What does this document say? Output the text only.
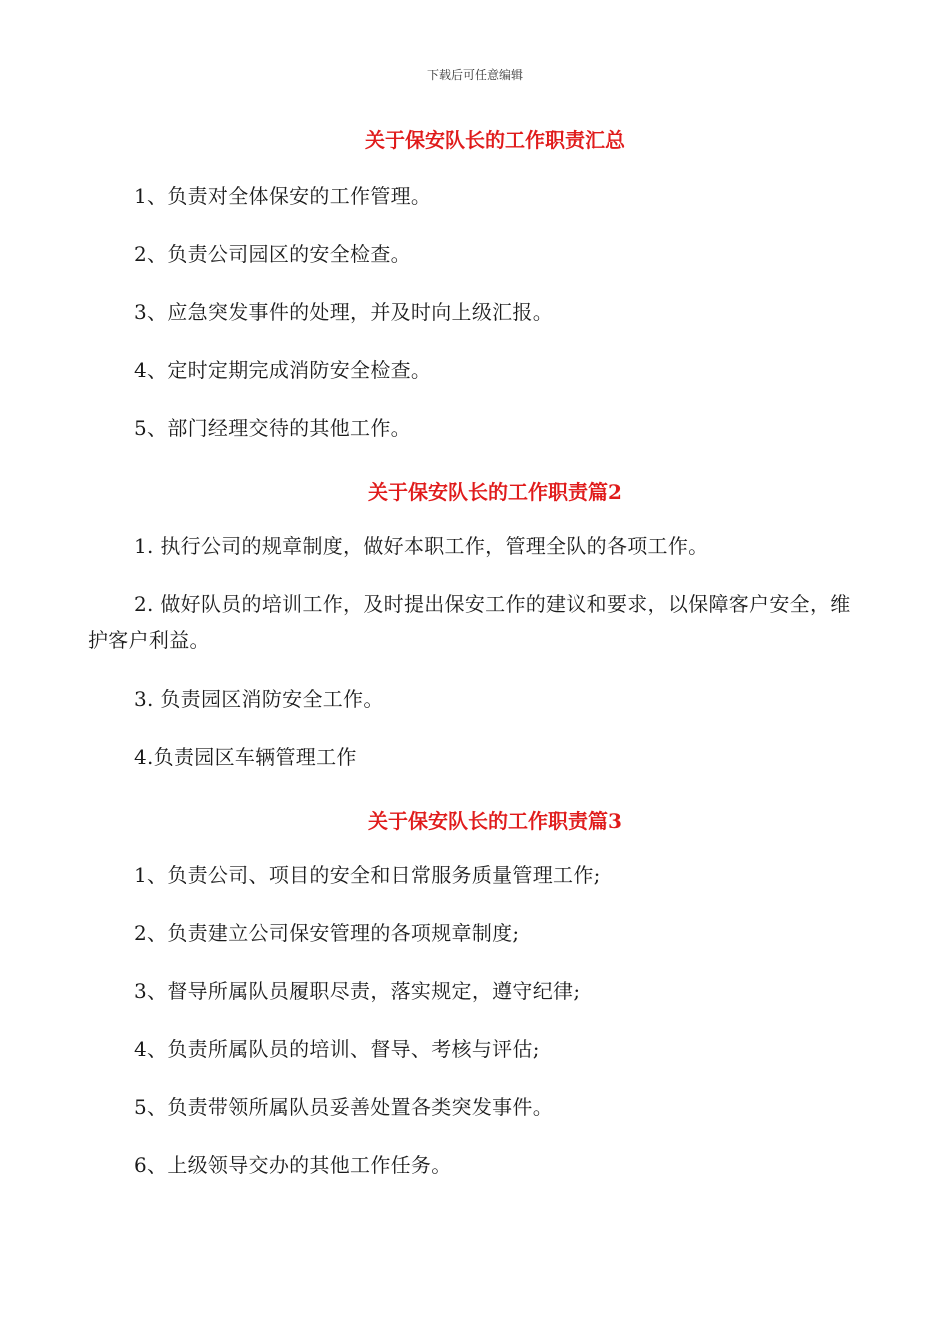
下载后可任意编辑
关于保安队长的工作职责汇总
1、负责对全体保安的工作管理。
2、负责公司园区的安全检查。
3、应急突发事件的处理，并及时向上级汇报。
4、定时定期完成消防安全检查。
5、部门经理交待的其他工作。
关于保安队长的工作职责篇2
1. 执行公司的规章制度，做好本职工作，管理全队的各项工作。
2. 做好队员的培训工作，及时提出保安工作的建议和要求，以保障客户安全，维护客户利益。
3. 负责园区消防安全工作。
4.负责园区车辆管理工作
关于保安队长的工作职责篇3
1、负责公司、项目的安全和日常服务质量管理工作;
2、负责建立公司保安管理的各项规章制度;
3、督导所属队员履职尽责，落实规定，遵守纪律;
4、负责所属队员的培训、督导、考核与评估;
5、负责带领所属队员妥善处置各类突发事件。
6、上级领导交办的其他工作任务。
